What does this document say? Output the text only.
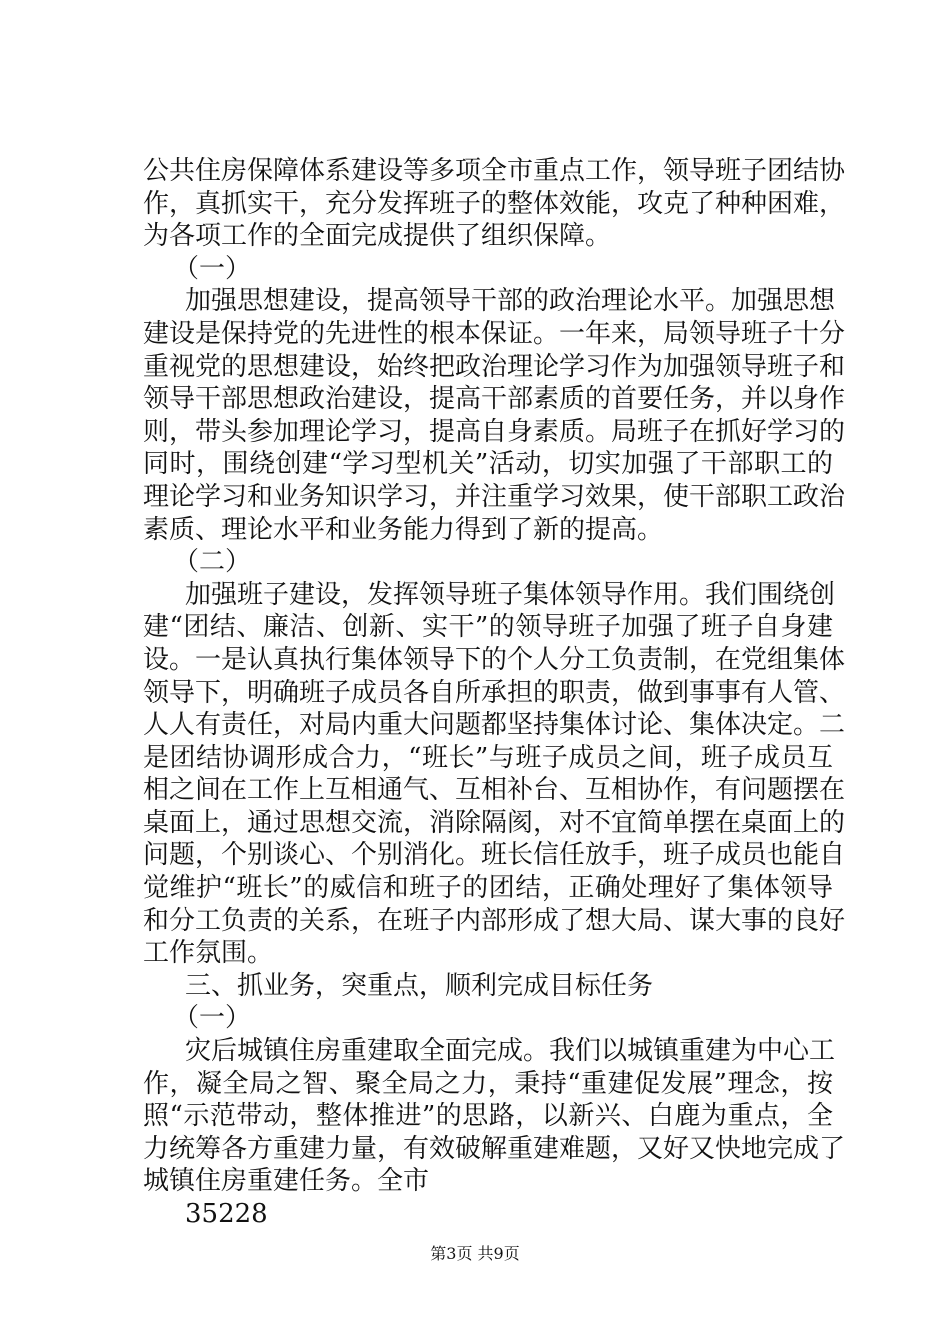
公共住房保障体系建设等多项全市重点工作，领导班子团结协
作，真抓实干，充分发挥班子的整体效能，攻克了种种困难，
为各项工作的全面完成提供了组织保障。
（一）
加强思想建设，提高领导干部的政治理论水平。加强思想
建设是保持党的先进性的根本保证。一年来，局领导班子十分
重视党的思想建设，始终把政治理论学习作为加强领导班子和
领导干部思想政治建设，提高干部素质的首要任务，并以身作
则，带头参加理论学习，提高自身素质。局班子在抓好学习的
同时，围绕创建“学习型机关”活动，切实加强了干部职工的
理论学习和业务知识学习，并注重学习效果，使干部职工政治
素质、理论水平和业务能力得到了新的提高。
（二）
加强班子建设，发挥领导班子集体领导作用。我们围绕创
建“团结、廉洁、创新、实干”的领导班子加强了班子自身建
设。一是认真执行集体领导下的个人分工负责制，在党组集体
领导下，明确班子成员各自所承担的职责，做到事事有人管、
人人有责任，对局内重大问题都坚持集体讨论、集体决定。二
是团结协调形成合力，“班长”与班子成员之间，班子成员互
相之间在工作上互相通气、互相补台、互相协作，有问题摆在
桌面上，通过思想交流，消除隔阂，对不宜简单摆在桌面上的
问题，个别谈心、个别消化。班长信任放手，班子成员也能自
觉维护“班长”的威信和班子的团结，正确处理好了集体领导
和分工负责的关系，在班子内部形成了想大局、谋大事的良好
工作氛围。
三、抓业务，突重点，顺利完成目标任务
（一）
灾后城镇住房重建取全面完成。我们以城镇重建为中心工
作，凝全局之智、聚全局之力，秉持“重建促发展”理念，按
照“示范带动，整体推进”的思路，以新兴、白鹿为重点，全
力统筹各方重建力量，有效破解重建难题，又好又快地完成了
城镇住房重建任务。全市
35228
第3页 共9页
